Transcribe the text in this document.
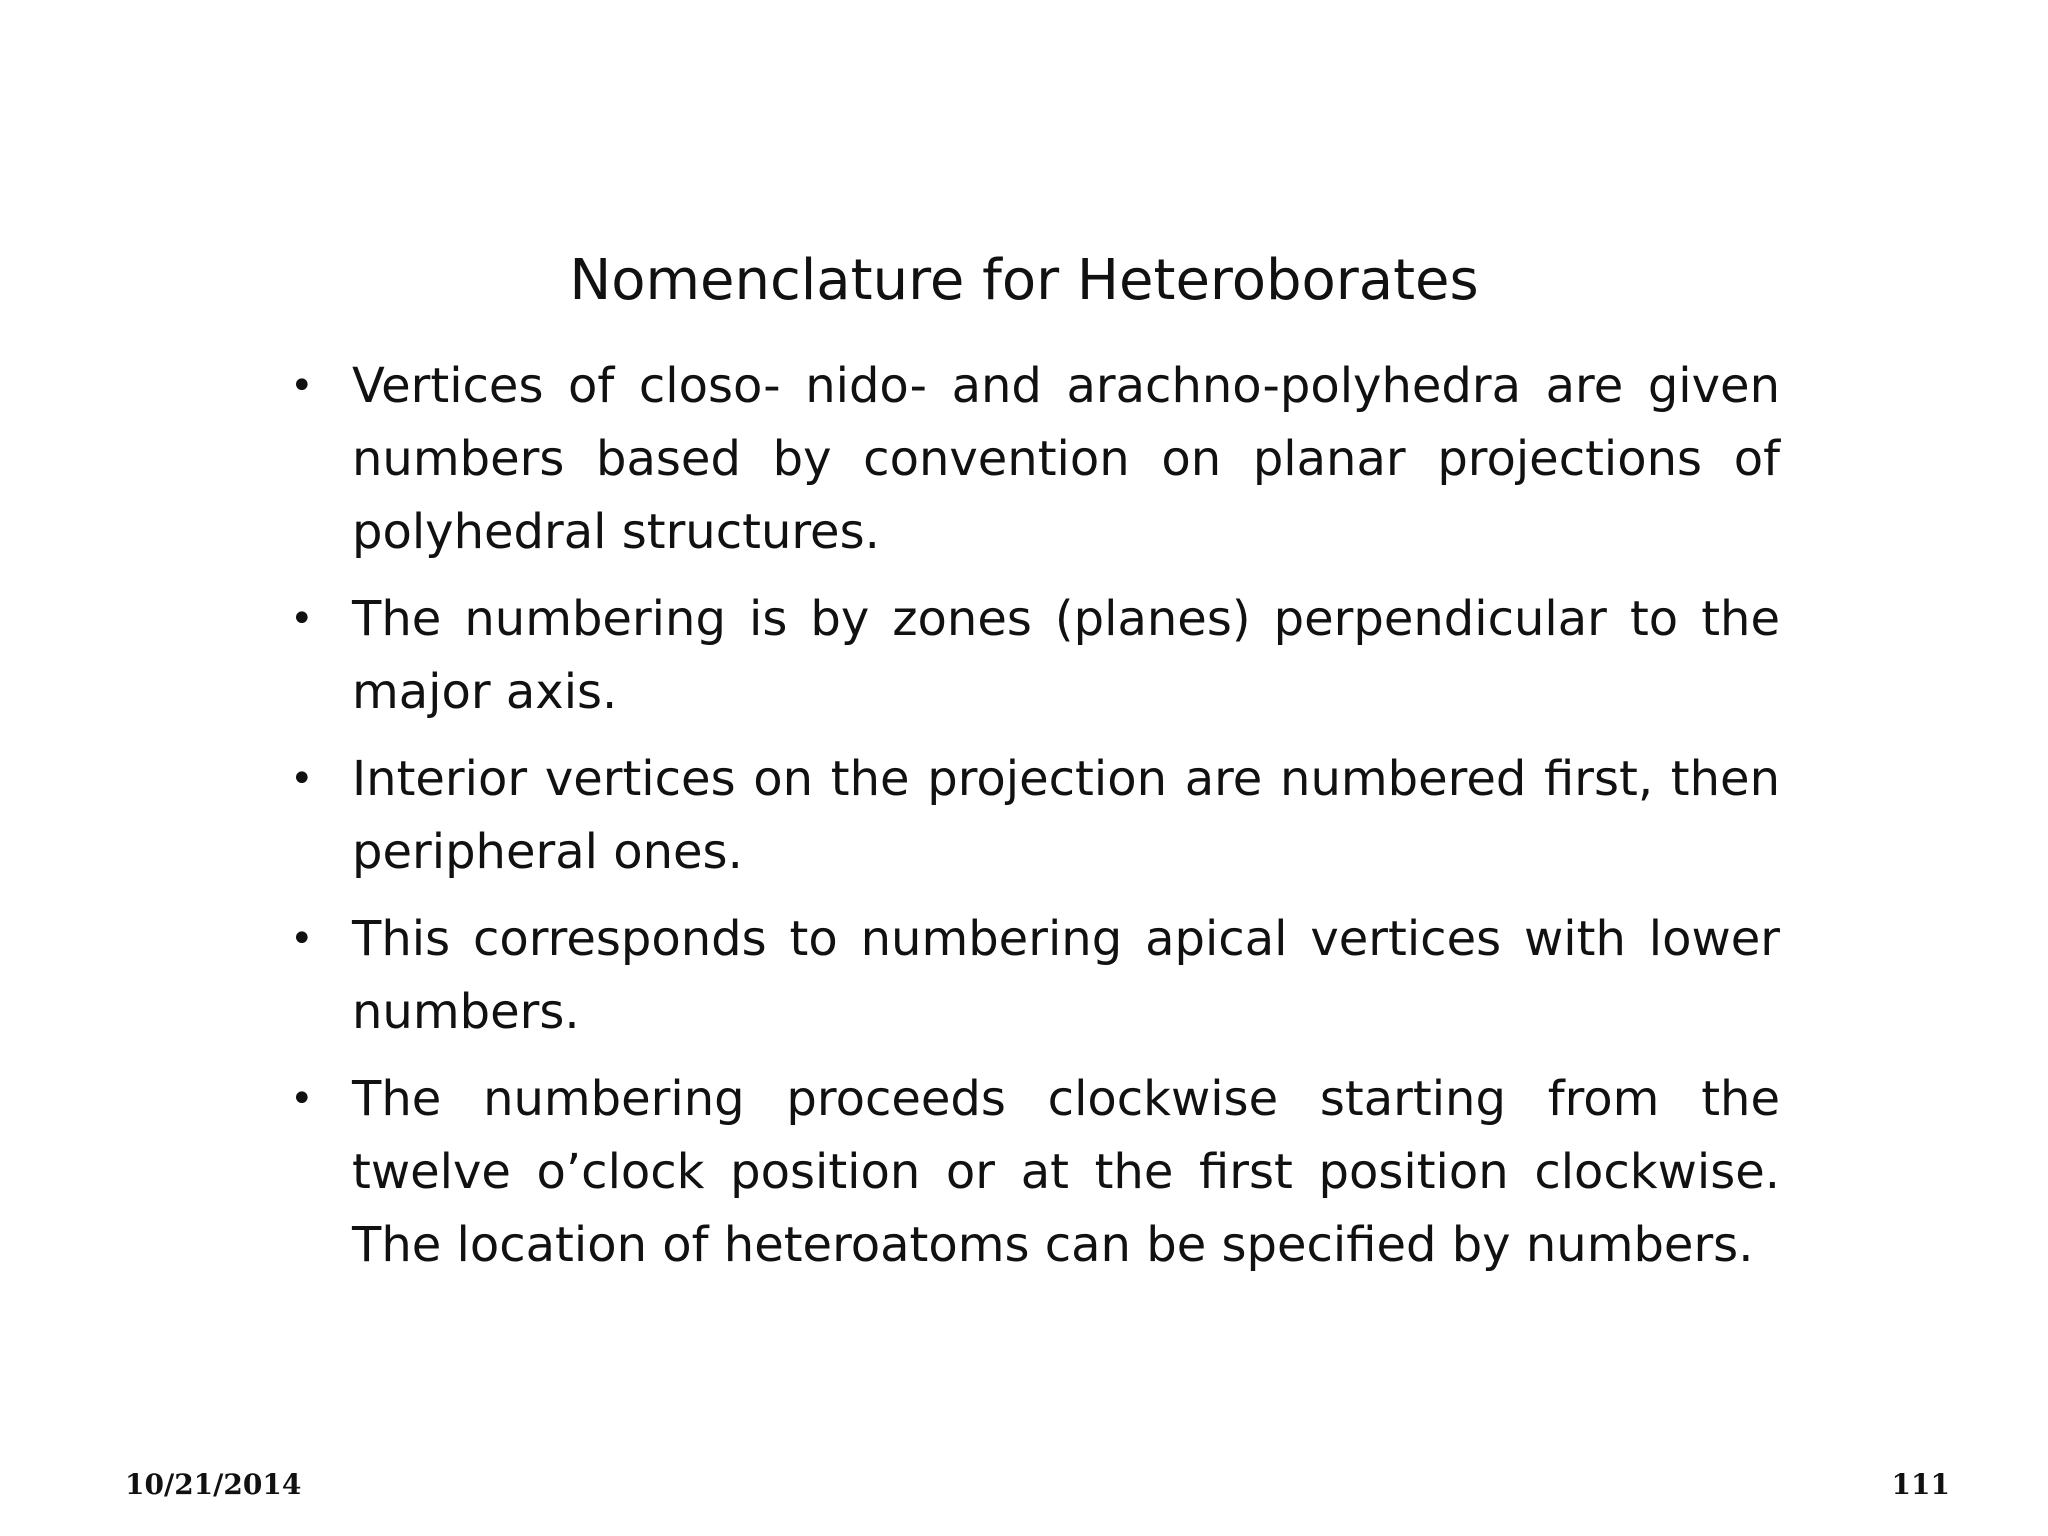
Nomenclature for Heteroborates
• Vertices of closo- nido- and arachno-polyhedra are given numbers based by convention on planar projections of polyhedral structures.
• The numbering is by zones (planes) perpendicular to the major axis.
• Interior vertices on the projection are numbered first, then peripheral ones.
• This corresponds to numbering apical vertices with lower numbers.
• The numbering proceeds clockwise starting from the twelve o’clock position or at the first position clockwise. The location of heteroatoms can be specified by numbers.
10/21/2014	111
